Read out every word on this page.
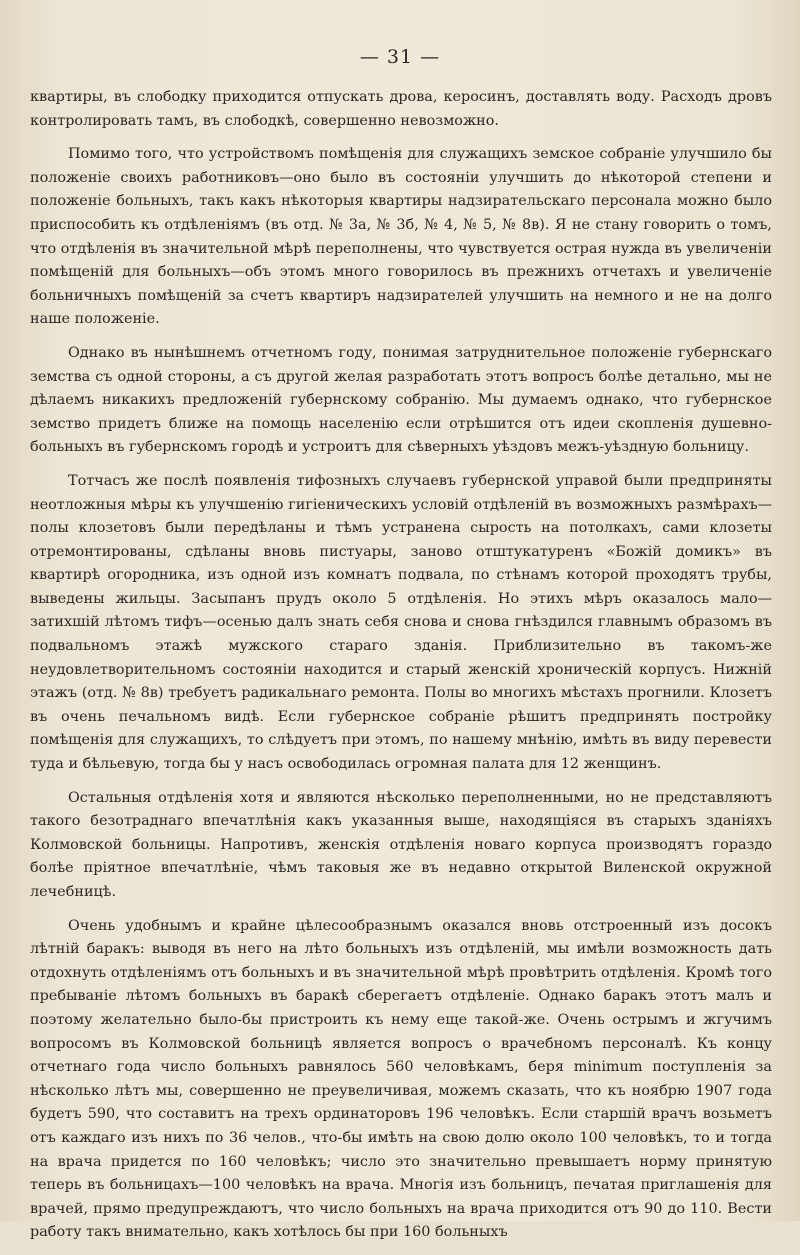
— 31 —

квартиры, въ слободку приходится отпускать дрова, керосинъ, доставлять воду. Расходъ дровъ контролировать тамъ, въ слободкѣ, совершенно невозможно.

Помимо того, что устройствомъ помѣщенія для служащихъ земское собраніе улучшило бы положеніе своихъ работниковъ—оно было въ состояніи улучшить до нѣкоторой степени и положеніе больныхъ, такъ какъ нѣкоторыя квартиры надзирательскаго персонала можно было приспособить къ отдѣленіямъ (въ отд. № 3а, № 3б, № 4, № 5, № 8в). Я не стану говорить о томъ, что отдѣленія въ значительной мѣрѣ переполнены, что чувствуется острая нужда въ увеличеніи помѣщеній для больныхъ—объ этомъ много говорилось въ прежнихъ отчетахъ и увеличеніе больничныхъ помѣщеній за счетъ квартиръ надзирателей улучшить на немного и не на долго наше положеніе.

Однако въ нынѣшнемъ отчетномъ году, понимая затруднительное положеніе губернскаго земства съ одной стороны, а съ другой желая разработать этотъ вопросъ болѣе детально, мы не дѣлаемъ никакихъ предложеній губернскому собранію. Мы думаемъ однако, что губернское земство придетъ ближе на помощь населенію если отрѣшится отъ идеи скопленія душевно-больныхъ въ губернскомъ городѣ и устроитъ для сѣверныхъ уѣздовъ межъ-уѣздную больницу.

Тотчасъ же послѣ появленія тифозныхъ случаевъ губернской управой были предприняты неотложныя мѣры къ улучшенію гигіеническихъ условій отдѣленій въ возможныхъ размѣрахъ—полы клозетовъ были передѣланы и тѣмъ устранена сырость на потолкахъ, сами клозеты отремонтированы, сдѣланы вновь пистуары, заново отштукатуренъ «Божій домикъ» въ квартирѣ огородника, изъ одной изъ комнатъ подвала, по стѣнамъ которой проходятъ трубы, выведены жильцы. Засыпанъ прудъ около 5 отдѣленія. Но этихъ мѣръ оказалось мало—затихшій лѣтомъ тифъ—осенью далъ знать себя снова и снова гнѣздился главнымъ образомъ въ подвальномъ этажѣ мужского стараго зданія. Приблизительно въ такомъ-же неудовлетворительномъ состояніи находится и старый женскій хроническій корпусъ. Нижній этажъ (отд. № 8в) требуетъ радикальнаго ремонта. Полы во многихъ мѣстахъ прогнили. Клозетъ въ очень печальномъ видѣ. Если губернское собраніе рѣшитъ предпринять постройку помѣщенія для служащихъ, то слѣдуетъ при этомъ, по нашему мнѣнію, имѣть въ виду перевести туда и бѣльевую, тогда бы у насъ освободилась огромная палата для 12 женщинъ.

Остальныя отдѣленія хотя и являются нѣсколько переполненными, но не представляютъ такого безотраднаго впечатлѣнія какъ указанныя выше, находящіяся въ старыхъ зданіяхъ Колмовской больницы. Напротивъ, женскія отдѣленія новаго корпуса производятъ гораздо болѣе пріятное впечатлѣніе, чѣмъ таковыя же въ недавно открытой Виленской окружной лечебницѣ.

Очень удобнымъ и крайне цѣлесообразнымъ оказался вновь отстроенный изъ досокъ лѣтній баракъ: выводя въ него на лѣто больныхъ изъ отдѣленій, мы имѣли возможность дать отдохнуть отдѣленіямъ отъ больныхъ и въ значительной мѣрѣ провѣтрить отдѣленія. Кромѣ того пребываніе лѣтомъ больныхъ въ баракѣ сберегаетъ отдѣленіе. Однако баракъ этотъ малъ и поэтому желательно было-бы пристроить къ нему еще такой-же. Очень острымъ и жгучимъ вопросомъ въ Колмовской больницѣ является вопросъ о врачебномъ персоналѣ. Къ концу отчетнаго года число больныхъ равнялось 560 человѣкамъ, беря minimum поступленія за нѣсколько лѣтъ мы, совершенно не преувеличивая, можемъ сказать, что къ ноябрю 1907 года будетъ 590, что составитъ на трехъ ординаторовъ 196 человѣкъ. Если старшій врачъ возьметъ отъ каждаго изъ нихъ по 36 челов., что-бы имѣть на свою долю около 100 человѣкъ, то и тогда на врача придется по 160 человѣкъ; число это значительно превышаетъ норму принятую теперь въ больницахъ—100 человѣкъ на врача. Многія изъ больницъ, печатая приглашенія для врачей, прямо предупреждаютъ, что число больныхъ на врача приходится отъ 90 до 110. Вести работу такъ внимательно, какъ хотѣлось бы при 160 больныхъ
